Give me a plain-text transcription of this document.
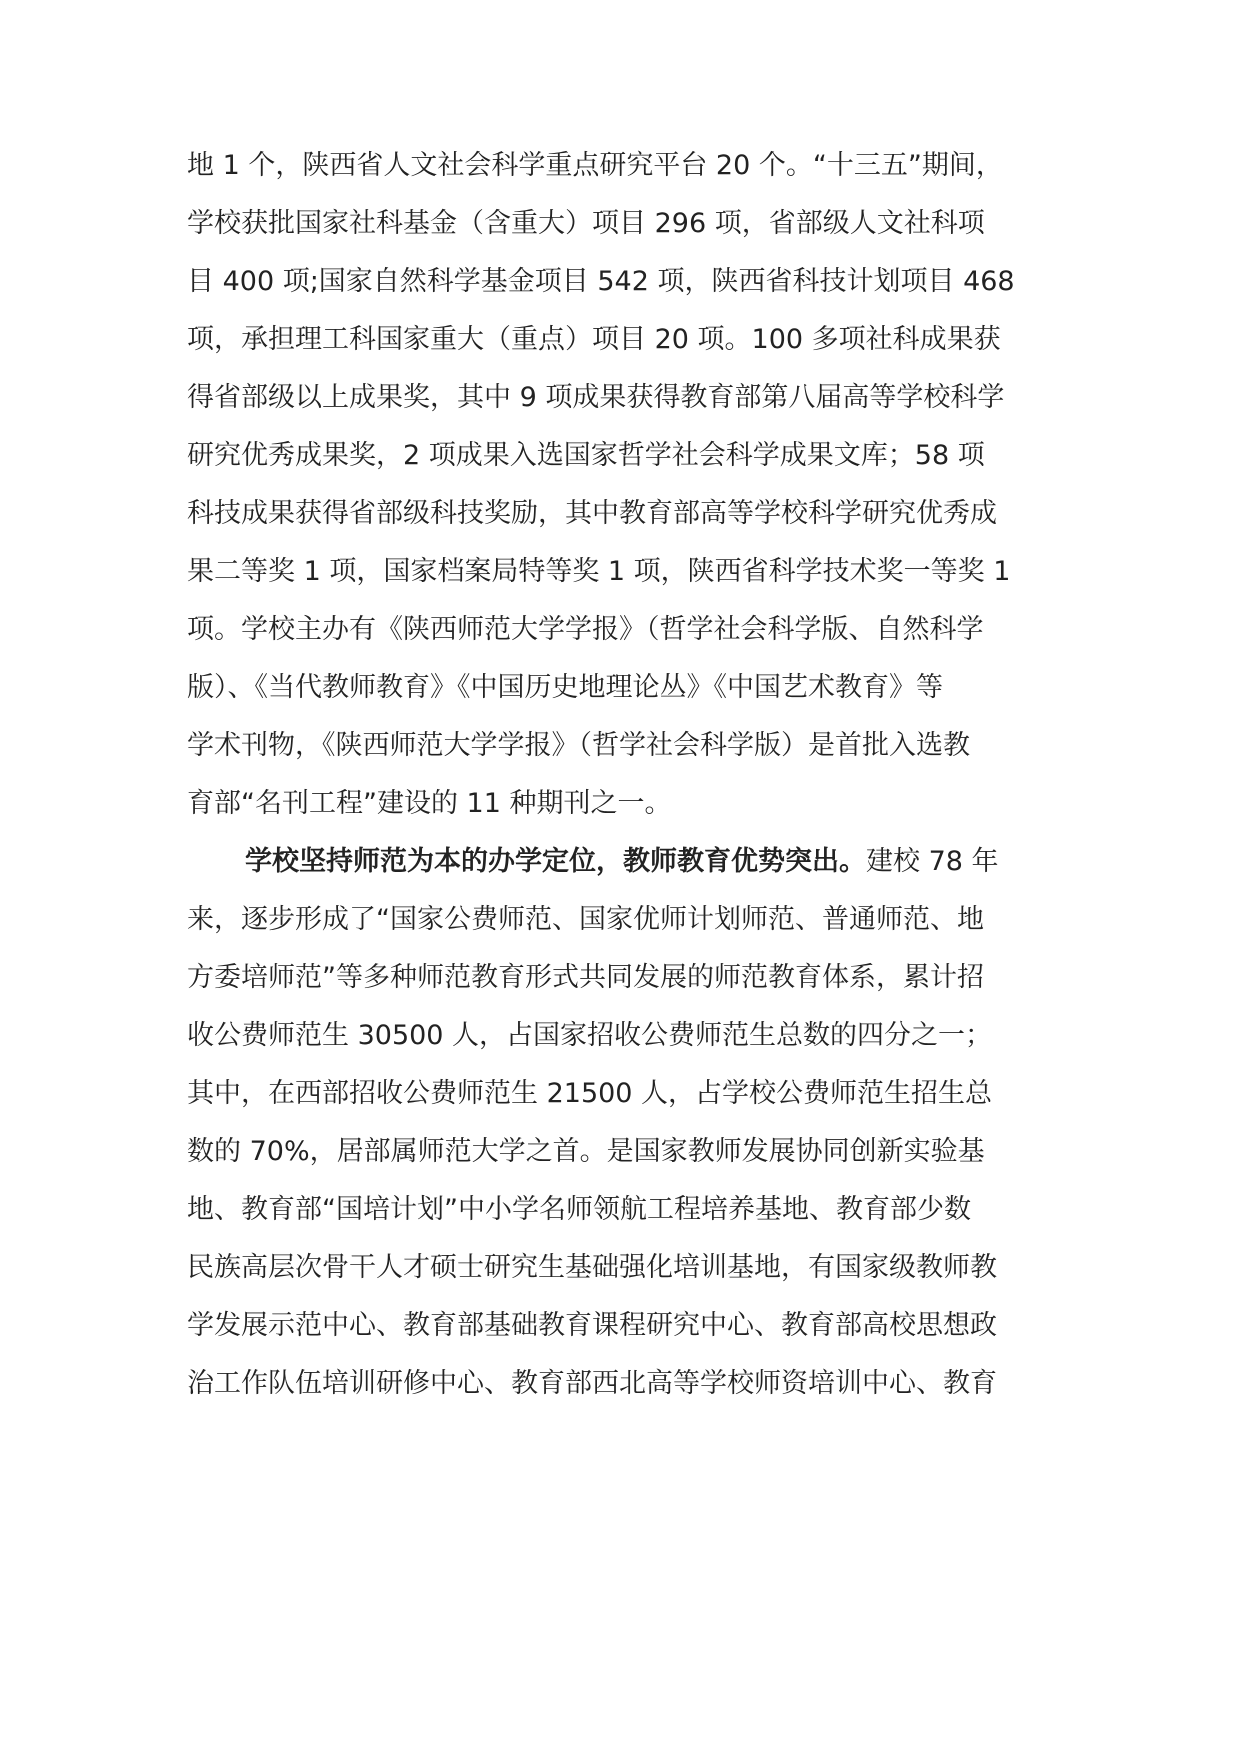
地 1 个，陕西省人文社会科学重点研究平台 20 个。“十三五”期间，
学校获批国家社科基金（含重大）项目 296 项，省部级人文社科项
目 400 项;国家自然科学基金项目 542 项，陕西省科技计划项目 468
项，承担理工科国家重大（重点）项目 20 项。100 多项社科成果获
得省部级以上成果奖，其中 9 项成果获得教育部第八届高等学校科学
研究优秀成果奖，2 项成果入选国家哲学社会科学成果文库；58 项
科技成果获得省部级科技奖励，其中教育部高等学校科学研究优秀成
果二等奖 1 项，国家档案局特等奖 1 项，陕西省科学技术奖一等奖 1
项。学校主办有《陕西师范大学学报》（哲学社会科学版、自然科学
版）、《当代教师教育》《中国历史地理论丛》《中国艺术教育》等
学术刊物，《陕西师范大学学报》（哲学社会科学版）是首批入选教
育部“名刊工程”建设的 11 种期刊之一。
学校坚持师范为本的办学定位，教师教育优势突出。建校 78 年
来，逐步形成了“国家公费师范、国家优师计划师范、普通师范、地
方委培师范”等多种师范教育形式共同发展的师范教育体系，累计招
收公费师范生 30500 人，占国家招收公费师范生总数的四分之一；
其中，在西部招收公费师范生 21500 人，占学校公费师范生招生总
数的 70%，居部属师范大学之首。是国家教师发展协同创新实验基
地、教育部“国培计划”中小学名师领航工程培养基地、教育部少数
民族高层次骨干人才硕士研究生基础强化培训基地，有国家级教师教
学发展示范中心、教育部基础教育课程研究中心、教育部高校思想政
治工作队伍培训研修中心、教育部西北高等学校师资培训中心、教育
